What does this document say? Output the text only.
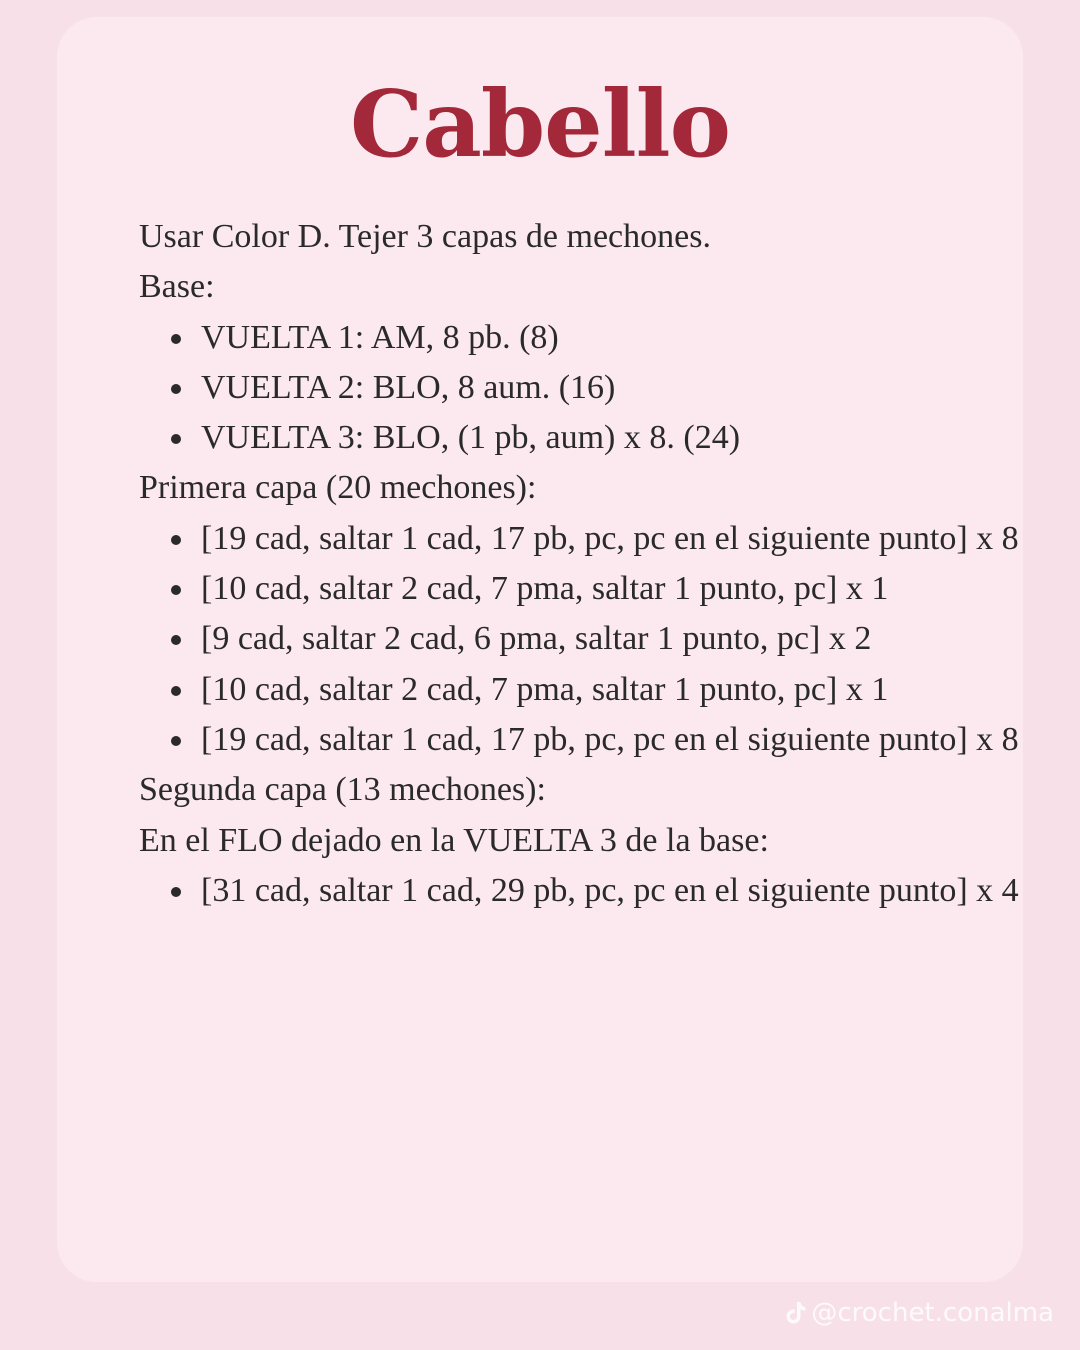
Cabello

Usar Color D. Tejer 3 capas de mechones.

Base:

VUELTA 1: AM, 8 pb. (8)
VUELTA 2: BLO, 8 aum. (16)
VUELTA 3: BLO, (1 pb, aum) x 8. (24)

Primera capa (20 mechones):

[19 cad, saltar 1 cad, 17 pb, pc, pc en el siguiente punto] x 8
[10 cad, saltar 2 cad, 7 pma, saltar 1 punto, pc] x 1
[9 cad, saltar 2 cad, 6 pma, saltar 1 punto, pc] x 2
[10 cad, saltar 2 cad, 7 pma, saltar 1 punto, pc] x 1
[19 cad, saltar 1 cad, 17 pb, pc, pc en el siguiente punto] x 8

Segunda capa (13 mechones):

En el FLO dejado en la VUELTA 3 de la base:

[31 cad, saltar 1 cad, 29 pb, pc, pc en el siguiente punto] x 4
@crochet.conalma
